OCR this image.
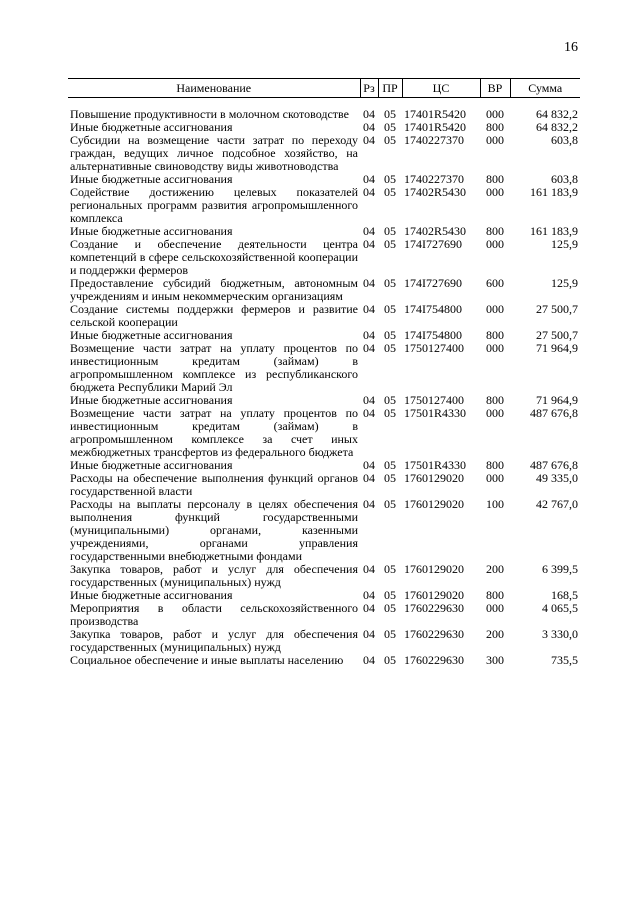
16
Наименование	Рз	ПР	ЦС	ВР	Сумма
Повышение продуктивности в молочном скотоводстве	04	05	17401R5420	000	64 832,2
Иные бюджетные ассигнования	04	05	17401R5420	800	64 832,2
Субсидии на возмещение части затрат по переходу граждан, ведущих личное подсобное хозяйство, на альтернативные свиноводству виды животноводства	04	05	1740227370	000	603,8
Иные бюджетные ассигнования	04	05	1740227370	800	603,8
Содействие достижению целевых показателей региональных программ развития агропромышленного комплекса	04	05	17402R5430	000	161 183,9
Иные бюджетные ассигнования	04	05	17402R5430	800	161 183,9
Создание и обеспечение деятельности центра компетенций в сфере сельскохозяйственной кооперации и поддержки фермеров	04	05	174I727690	000	125,9
Предоставление субсидий бюджетным, автономным учреждениям и иным некоммерческим организациям	04	05	174I727690	600	125,9
Создание системы поддержки фермеров и развитие сельской кооперации	04	05	174I754800	000	27 500,7
Иные бюджетные ассигнования	04	05	174I754800	800	27 500,7
Возмещение части затрат на уплату процентов по инвестиционным кредитам (займам) в агропромышленном комплексе из республиканского бюджета Республики Марий Эл	04	05	1750127400	000	71 964,9
Иные бюджетные ассигнования	04	05	1750127400	800	71 964,9
Возмещение части затрат на уплату процентов по инвестиционным кредитам (займам) в агропромышленном комплексе за счет иных межбюджетных трансфертов из федерального бюджета	04	05	17501R4330	000	487 676,8
Иные бюджетные ассигнования	04	05	17501R4330	800	487 676,8
Расходы на обеспечение выполнения функций органов государственной власти	04	05	1760129020	000	49 335,0
Расходы на выплаты персоналу в целях обеспечения выполнения функций государственными (муниципальными) органами, казенными учреждениями, органами управления государственными внебюджетными фондами	04	05	1760129020	100	42 767,0
Закупка товаров, работ и услуг для обеспечения государственных (муниципальных) нужд	04	05	1760129020	200	6 399,5
Иные бюджетные ассигнования	04	05	1760129020	800	168,5
Мероприятия в области сельскохозяйственного производства	04	05	1760229630	000	4 065,5
Закупка товаров, работ и услуг для обеспечения государственных (муниципальных) нужд	04	05	1760229630	200	3 330,0
Социальное обеспечение и иные выплаты населению	04	05	1760229630	300	735,5
